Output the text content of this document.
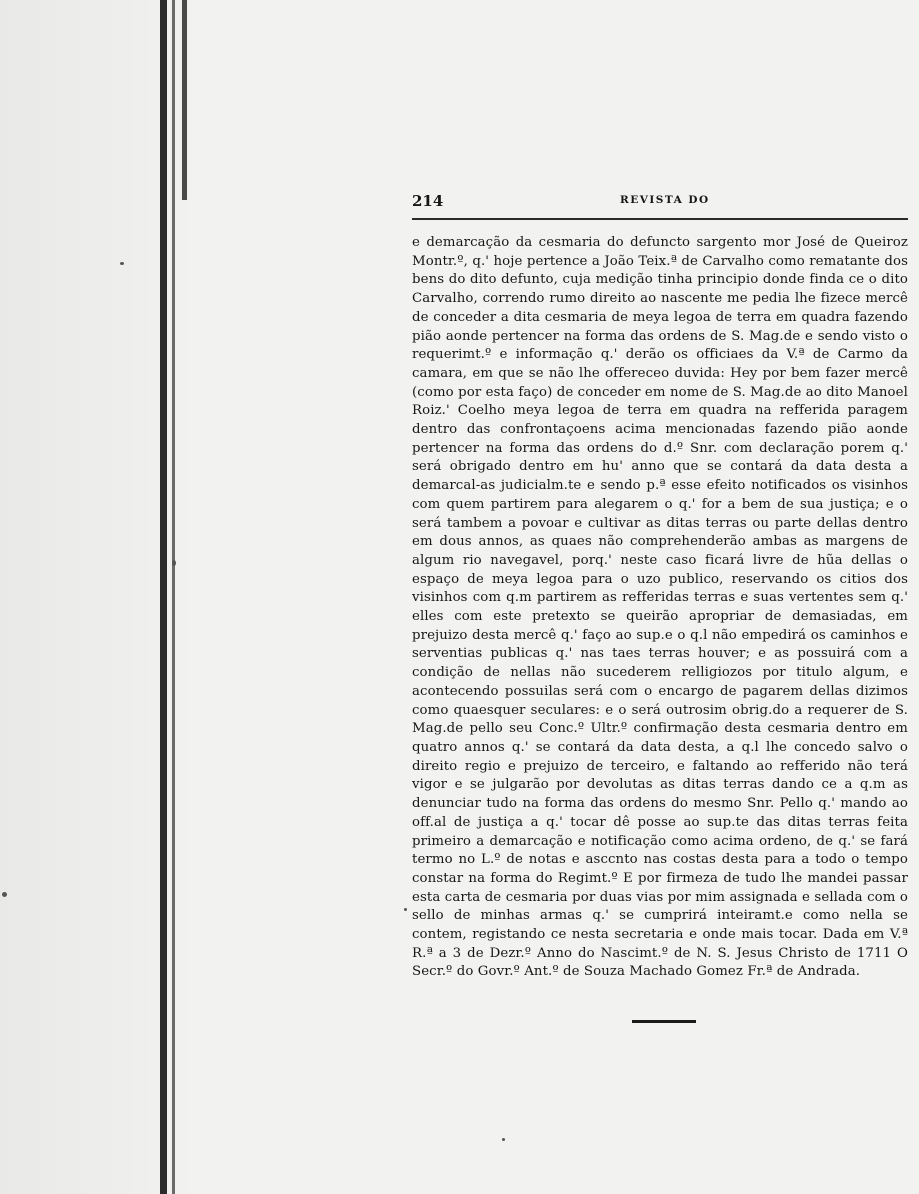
214	REVISTA DO

e demarcação da cesmaria do defuncto sargento mor José de Queiroz Montr.º, q.' hoje pertence a João Teix.ª de Carvalho como rematante dos bens do dito defunto, cuja medição tinha principio donde finda ce o dito Carvalho, correndo rumo direito ao nascente me pedia lhe fizece mercê de conceder a dita cesmaria de meya legoa de terra em quadra fazendo pião aonde pertencer na forma das ordens de S. Mag.de e sendo visto o requerimt.º e informação q.' derão os officiaes da V.ª de Carmo da camara, em que se não lhe offereceo duvida: Hey por bem fazer mercê (como por esta faço) de conceder em nome de S. Mag.de ao dito Manoel Roiz.' Coelho meya legoa de terra em quadra na refferida paragem dentro das confrontaçoens acima mencionadas fazendo pião aonde pertencer na forma das ordens do d.º Snr. com declaração porem q.' será obrigado dentro em hu' anno que se contará da data desta a demarcal-as judicialm.te e sendo p.ª esse efeito notificados os visinhos com quem partirem para alegarem o q.' for a bem de sua justiça; e o será tambem a povoar e cultivar as ditas terras ou parte dellas dentro em dous annos, as quaes não comprehenderão ambas as margens de algum rio navegavel, porq.' neste caso ficará livre de hũa dellas o espaço de meya legoa para o uzo publico, reservando os citios dos visinhos com q.m partirem as refferidas terras e suas vertentes sem q.' elles com este pretexto se queirão apropriar de demasiadas, em prejuizo desta mercê q.' faço ao sup.e o q.l não empedirá os caminhos e serventias publicas q.' nas taes terras houver; e as possuirá com a condição de nellas não sucederem relligiozos por titulo algum, e acontecendo possuilas será com o encargo de pagarem dellas dizimos como quaesquer seculares: e o será outrosim obrig.do a requerer de S. Mag.de pello seu Conc.º Ultr.º confirmação desta cesmaria dentro em quatro annos q.' se contará da data desta, a q.l lhe concedo salvo o direito regio e prejuizo de terceiro, e faltando ao refferido não terá vigor e se julgarão por devolutas as ditas terras dando ce a q.m as denunciar tudo na forma das ordens do mesmo Snr. Pello q.' mando ao off.al de justiça a q.' tocar dê posse ao sup.te das ditas terras feita primeiro a demarcação e notificação como acima ordeno, de q.' se fará termo no L.º de notas e asccnto nas costas desta para a todo o tempo constar na forma do Regimt.º E por firmeza de tudo lhe mandei passar esta carta de cesmaria por duas vias por mim assignada e sellada com o sello de minhas armas q.' se cumprirá inteiramt.e como nella se contem, registando ce nesta secretaria e onde mais tocar. Dada em V.ª R.ª a 3 de Dezr.º Anno do Nascimt.º de N. S. Jesus Christo de 1711 O Secr.º do Govr.º Ant.º de Souza Machado Gomez Fr.ª de Andrada.
